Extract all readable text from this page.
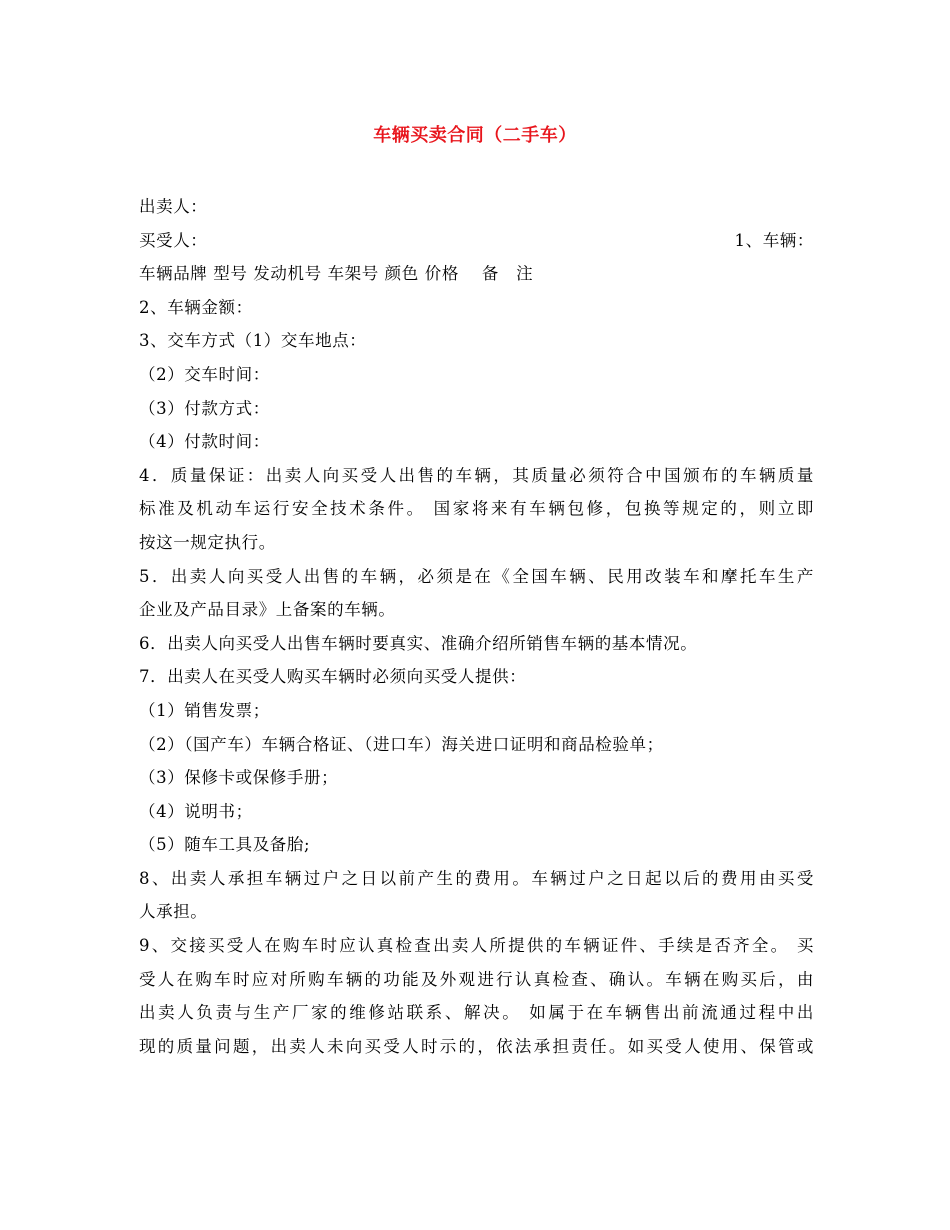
车辆买卖合同（二手车）
出卖人：
买受人：	1、车辆：
车辆品牌 型号 发动机号 车架号 颜色 价格　 备　注
2、车辆金额：
3、交车方式（1）交车地点：
（2）交车时间：
（3）付款方式：
（4）付款时间：
4．质量保证：出卖人向买受人出售的车辆，其质量必须符合中国颁布的车辆质量
标准及机动车运行安全技术条件。 国家将来有车辆包修，包换等规定的，则立即
按这一规定执行。
5．出卖人向买受人出售的车辆，必须是在《全国车辆、民用改装车和摩托车生产
企业及产品目录》上备案的车辆。
6．出卖人向买受人出售车辆时要真实、准确介绍所销售车辆的基本情况。
7．出卖人在买受人购买车辆时必须向买受人提供：
（1）销售发票；
（2）（国产车）车辆合格证、（进口车）海关进口证明和商品检验单；
（3）保修卡或保修手册；
（4）说明书；
（5）随车工具及备胎;
8、出卖人承担车辆过户之日以前产生的费用。车辆过户之日起以后的费用由买受
人承担。
9、交接买受人在购车时应认真检查出卖人所提供的车辆证件、手续是否齐全。 买
受人在购车时应对所购车辆的功能及外观进行认真检查、确认。车辆在购买后，由
出卖人负责与生产厂家的维修站联系、解决。 如属于在车辆售出前流通过程中出
现的质量问题，出卖人未向买受人时示的，依法承担责任。如买受人使用、保管或
